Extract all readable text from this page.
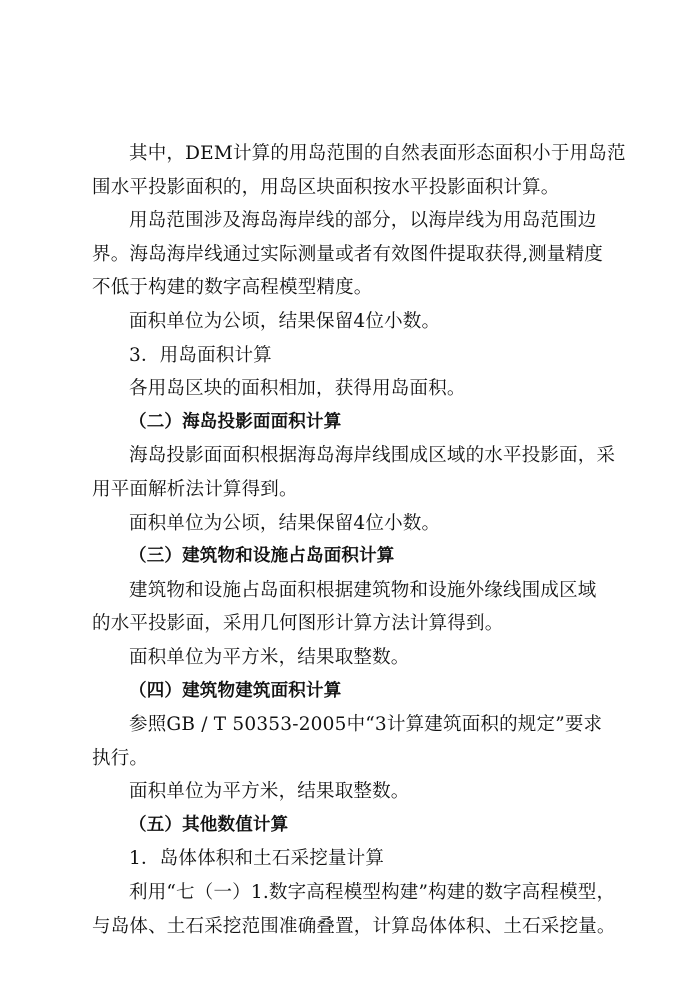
其中，DEM计算的用岛范围的自然表面形态面积小于用岛范
围水平投影面积的，用岛区块面积按水平投影面积计算。
用岛范围涉及海岛海岸线的部分，以海岸线为用岛范围边
界。海岛海岸线通过实际测量或者有效图件提取获得,测量精度
不低于构建的数字高程模型精度。
面积单位为公顷，结果保留4位小数。
3．用岛面积计算
各用岛区块的面积相加，获得用岛面积。
（二）海岛投影面面积计算
海岛投影面面积根据海岛海岸线围成区域的水平投影面，采
用平面解析法计算得到。
面积单位为公顷，结果保留4位小数。
（三）建筑物和设施占岛面积计算
建筑物和设施占岛面积根据建筑物和设施外缘线围成区域
的水平投影面，采用几何图形计算方法计算得到。
面积单位为平方米，结果取整数。
（四）建筑物建筑面积计算
参照GB / T 50353-2005中“3计算建筑面积的规定”要求
执行。
面积单位为平方米，结果取整数。
（五）其他数值计算
1．岛体体积和土石采挖量计算
利用“七（一）1.数字高程模型构建”构建的数字高程模型，
与岛体、土石采挖范围准确叠置，计算岛体体积、土石采挖量。
